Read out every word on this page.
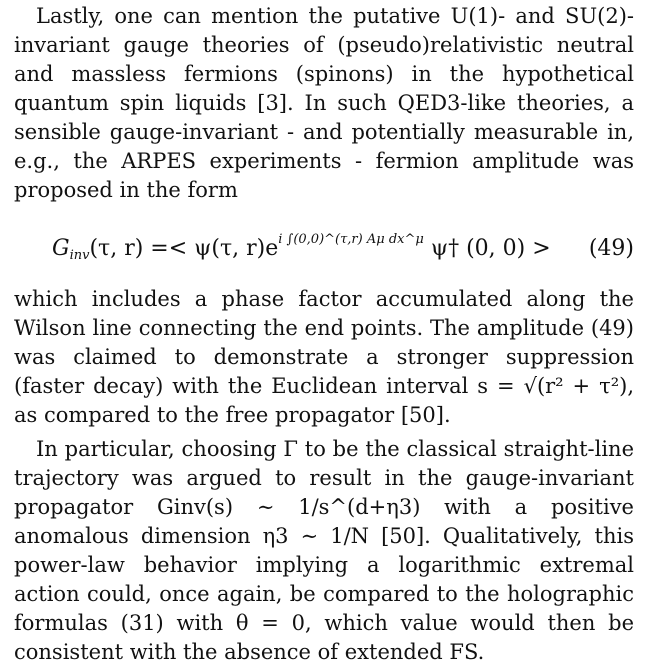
Lastly, one can mention the putative U(1)- and SU(2)-invariant gauge theories of (pseudo)relativistic neutral and massless fermions (spinons) in the hypothetical quantum spin liquids [3]. In such QED3-like theories, a sensible gauge-invariant - and potentially measurable in, e.g., the ARPES experiments - fermion amplitude was proposed in the form

$G_{inv}(\tau$, r) =< ψ(τ, $r)e^{i \int(0,0)\^{}(\tau,r) A\mu dx\^{}\mu}$ ψ† (0, 0) > (49)

which includes a phase factor accumulated along the Wilson line connecting the end points. The amplitude (49) was claimed to demonstrate a stronger suppression (faster decay) with the Euclidean interval s = √(r² + τ²), as compared to the free propagator [50].

In particular, choosing Γ to be the classical straight-line trajectory was argued to result in the gauge-invariant propagator Ginv(s) ∼ 1/s^(d+η3) with a positive anomalous dimension η3 ∼ 1/N [50]. Qualitatively, this power-law behavior implying a logarithmic extremal action could, once again, be compared to the holographic formulas (31) with θ = 0, which value would then be consistent with the absence of extended FS.
